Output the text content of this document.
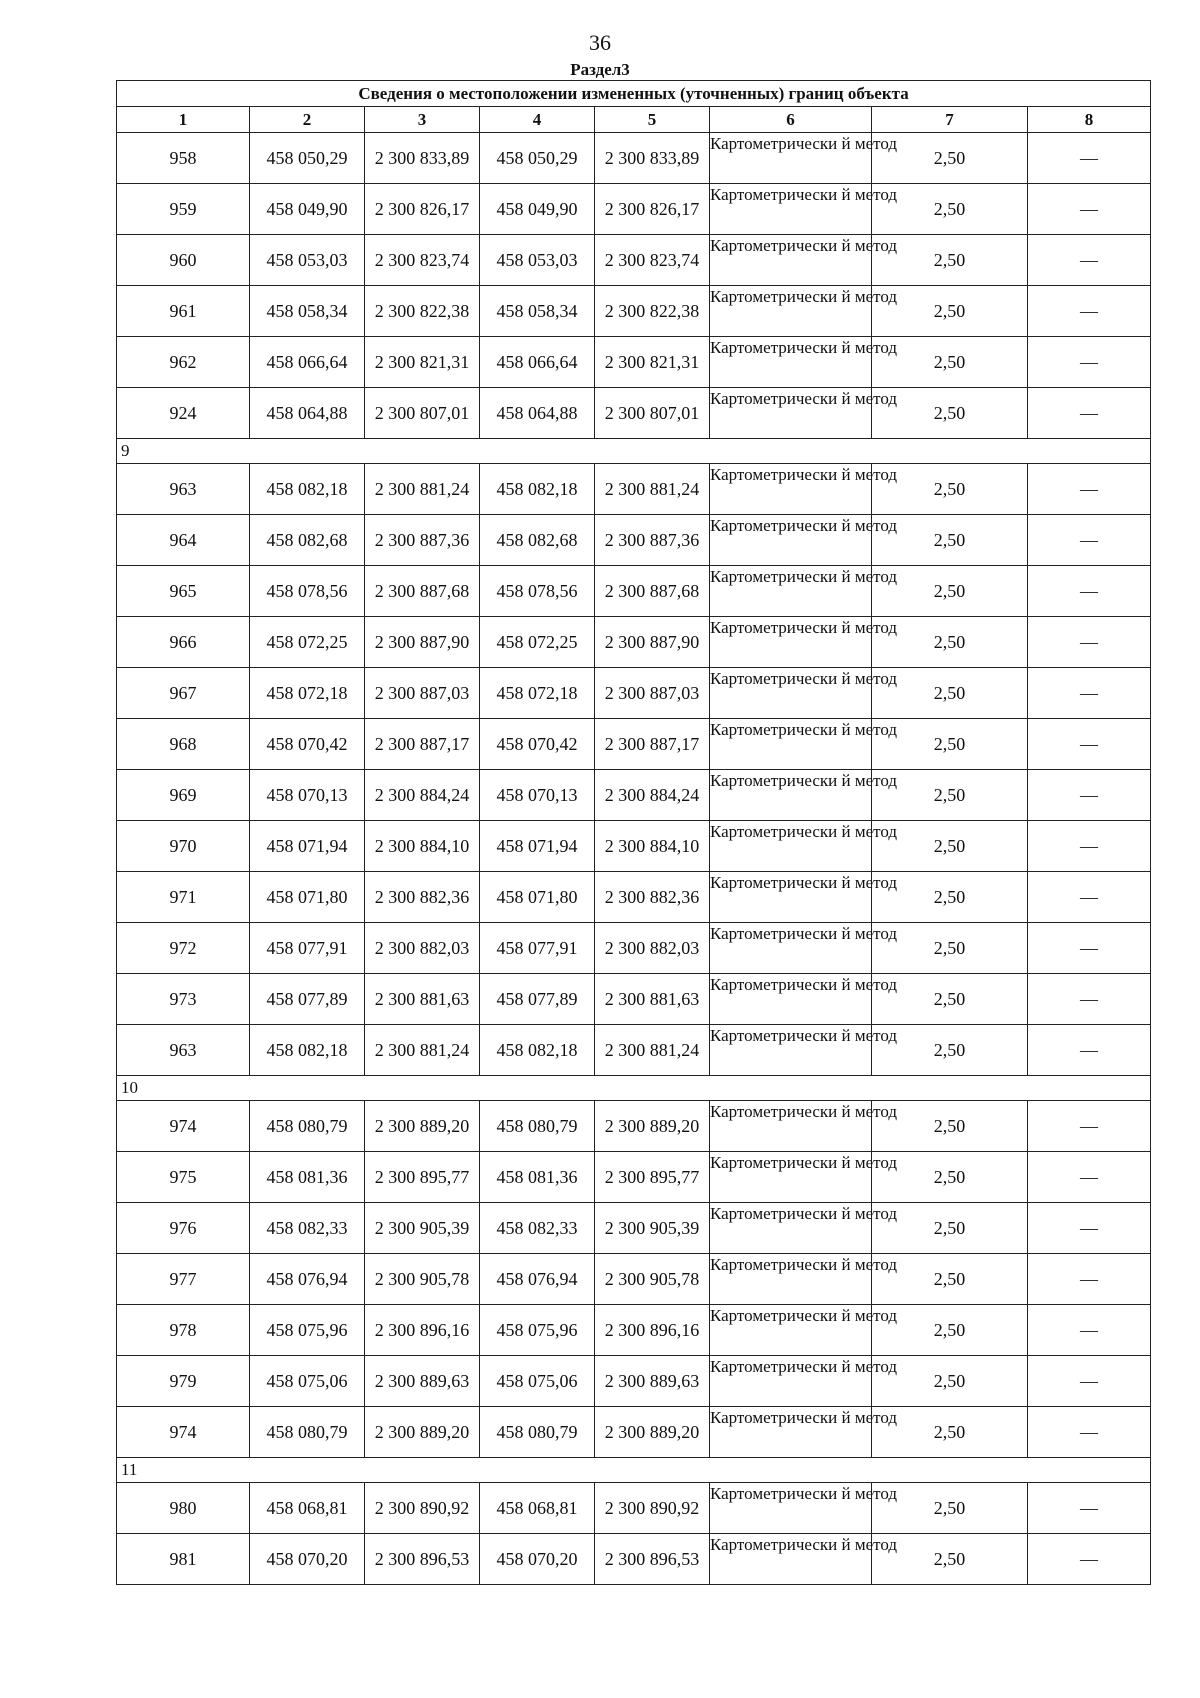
36
Раздел3
Сведения о местоположении измененных (уточненных) границ объекта							
1	2	3	4	5	6	7	8
958	458 050,29	2 300 833,89	458 050,29	2 300 833,89	Картометрически й метод	2,50	—
959	458 049,90	2 300 826,17	458 049,90	2 300 826,17	Картометрически й метод	2,50	—
960	458 053,03	2 300 823,74	458 053,03	2 300 823,74	Картометрически й метод	2,50	—
961	458 058,34	2 300 822,38	458 058,34	2 300 822,38	Картометрически й метод	2,50	—
962	458 066,64	2 300 821,31	458 066,64	2 300 821,31	Картометрически й метод	2,50	—
924	458 064,88	2 300 807,01	458 064,88	2 300 807,01	Картометрически й метод	2,50	—
9							
963	458 082,18	2 300 881,24	458 082,18	2 300 881,24	Картометрически й метод	2,50	—
964	458 082,68	2 300 887,36	458 082,68	2 300 887,36	Картометрически й метод	2,50	—
965	458 078,56	2 300 887,68	458 078,56	2 300 887,68	Картометрически й метод	2,50	—
966	458 072,25	2 300 887,90	458 072,25	2 300 887,90	Картометрически й метод	2,50	—
967	458 072,18	2 300 887,03	458 072,18	2 300 887,03	Картометрически й метод	2,50	—
968	458 070,42	2 300 887,17	458 070,42	2 300 887,17	Картометрически й метод	2,50	—
969	458 070,13	2 300 884,24	458 070,13	2 300 884,24	Картометрически й метод	2,50	—
970	458 071,94	2 300 884,10	458 071,94	2 300 884,10	Картометрически й метод	2,50	—
971	458 071,80	2 300 882,36	458 071,80	2 300 882,36	Картометрически й метод	2,50	—
972	458 077,91	2 300 882,03	458 077,91	2 300 882,03	Картометрически й метод	2,50	—
973	458 077,89	2 300 881,63	458 077,89	2 300 881,63	Картометрически й метод	2,50	—
963	458 082,18	2 300 881,24	458 082,18	2 300 881,24	Картометрически й метод	2,50	—
10							
974	458 080,79	2 300 889,20	458 080,79	2 300 889,20	Картометрически й метод	2,50	—
975	458 081,36	2 300 895,77	458 081,36	2 300 895,77	Картометрически й метод	2,50	—
976	458 082,33	2 300 905,39	458 082,33	2 300 905,39	Картометрически й метод	2,50	—
977	458 076,94	2 300 905,78	458 076,94	2 300 905,78	Картометрически й метод	2,50	—
978	458 075,96	2 300 896,16	458 075,96	2 300 896,16	Картометрически й метод	2,50	—
979	458 075,06	2 300 889,63	458 075,06	2 300 889,63	Картометрически й метод	2,50	—
974	458 080,79	2 300 889,20	458 080,79	2 300 889,20	Картометрически й метод	2,50	—
11							
980	458 068,81	2 300 890,92	458 068,81	2 300 890,92	Картометрически й метод	2,50	—
981	458 070,20	2 300 896,53	458 070,20	2 300 896,53	Картометрически й метод	2,50	—
